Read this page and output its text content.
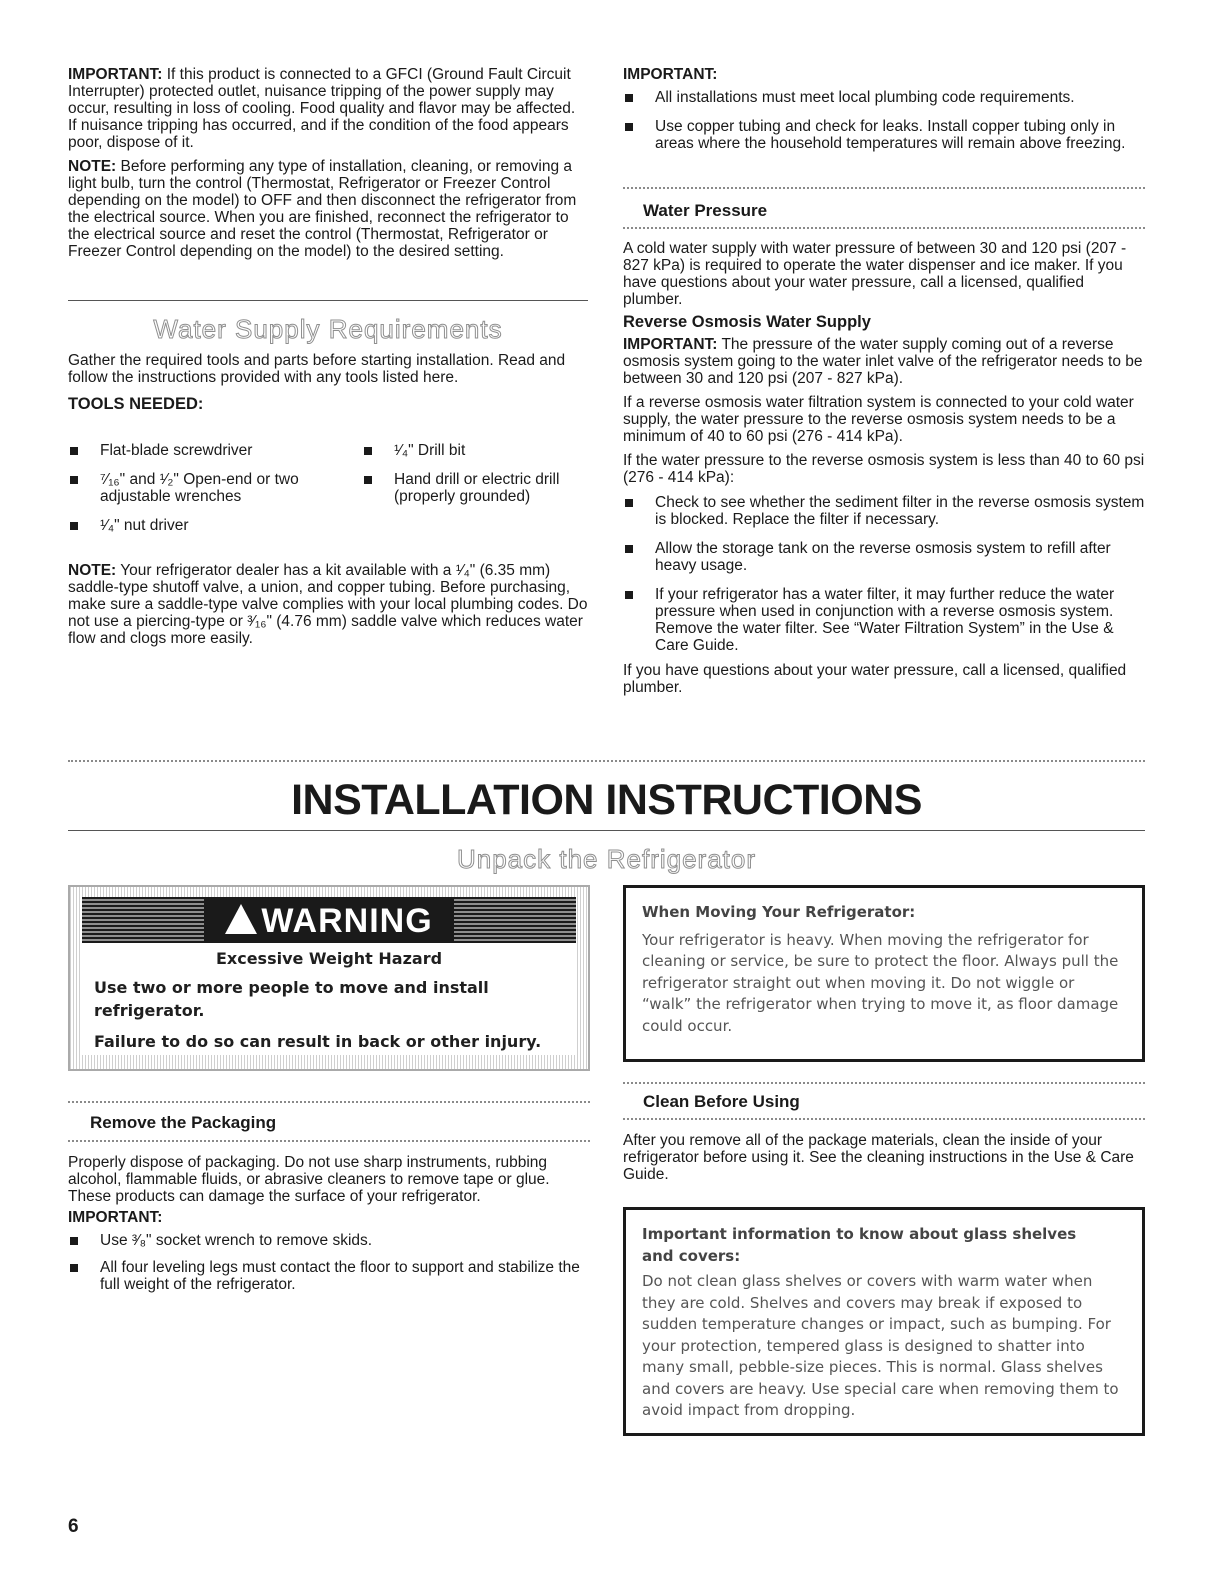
IMPORTANT: If this product is connected to a GFCI (Ground Fault Circuit Interrupter) protected outlet, nuisance tripping of the power supply may occur, resulting in loss of cooling. Food quality and flavor may be affected. If nuisance tripping has occurred, and if the condition of the food appears poor, dispose of it.

NOTE: Before performing any type of installation, cleaning, or removing a light bulb, turn the control (Thermostat, Refrigerator or Freezer Control depending on the model) to OFF and then disconnect the refrigerator from the electrical source. When you are finished, reconnect the refrigerator to the electrical source and reset the control (Thermostat, Refrigerator or Freezer Control depending on the model) to the desired setting.

Water Supply Requirements

Gather the required tools and parts before starting installation. Read and follow the instructions provided with any tools listed here.

TOOLS NEEDED:

Flat-blade screwdriver
⁷⁄₁₆" and ¹⁄₂" Open-end or two adjustable wrenches
¹⁄₄" nut driver
¹⁄₄" Drill bit
Hand drill or electric drill (properly grounded)

NOTE: Your refrigerator dealer has a kit available with a ¹⁄₄" (6.35 mm) saddle-type shutoff valve, a union, and copper tubing. Before purchasing, make sure a saddle-type valve complies with your local plumbing codes. Do not use a piercing-type or ³⁄₁₆" (4.76 mm) saddle valve which reduces water flow and clogs more easily.

IMPORTANT:

All installations must meet local plumbing code requirements.
Use copper tubing and check for leaks. Install copper tubing only in areas where the household temperatures will remain above freezing.
Water Pressure

A cold water supply with water pressure of between 30 and 120 psi (207 - 827 kPa) is required to operate the water dispenser and ice maker. If you have questions about your water pressure, call a licensed, qualified plumber.

Reverse Osmosis Water Supply

IMPORTANT: The pressure of the water supply coming out of a reverse osmosis system going to the water inlet valve of the refrigerator needs to be between 30 and 120 psi (207 - 827 kPa).

If a reverse osmosis water filtration system is connected to your cold water supply, the water pressure to the reverse osmosis system needs to be a minimum of 40 to 60 psi (276 - 414 kPa).

If the water pressure to the reverse osmosis system is less than 40 to 60 psi (276 - 414 kPa):

Check to see whether the sediment filter in the reverse osmosis system is blocked. Replace the filter if necessary.
Allow the storage tank on the reverse osmosis system to refill after heavy usage.
If your refrigerator has a water filter, it may further reduce the water pressure when used in conjunction with a reverse osmosis system. Remove the water filter. See “Water Filtration System” in the Use & Care Guide.

If you have questions about your water pressure, call a licensed, qualified plumber.

INSTALLATION INSTRUCTIONS
Unpack the Refrigerator
WARNING

Excessive Weight Hazard

Use two or more people to move and install refrigerator.

Failure to do so can result in back or other injury.

When Moving Your Refrigerator:

Your refrigerator is heavy. When moving the refrigerator for cleaning or service, be sure to protect the floor. Always pull the refrigerator straight out when moving it. Do not wiggle or “walk” the refrigerator when trying to move it, as floor damage could occur.

Remove the Packaging

Properly dispose of packaging. Do not use sharp instruments, rubbing alcohol, flammable fluids, or abrasive cleaners to remove tape or glue. These products can damage the surface of your refrigerator.

IMPORTANT:

Use ³⁄₈" socket wrench to remove skids.
All four leveling legs must contact the floor to support and stabilize the full weight of the refrigerator.
Clean Before Using

After you remove all of the package materials, clean the inside of your refrigerator before using it. See the cleaning instructions in the Use & Care Guide.

Important information to know about glass shelves and covers:

Do not clean glass shelves or covers with warm water when they are cold. Shelves and covers may break if exposed to sudden temperature changes or impact, such as bumping. For your protection, tempered glass is designed to shatter into many small, pebble-size pieces. This is normal. Glass shelves and covers are heavy. Use special care when removing them to avoid impact from dropping.

6
